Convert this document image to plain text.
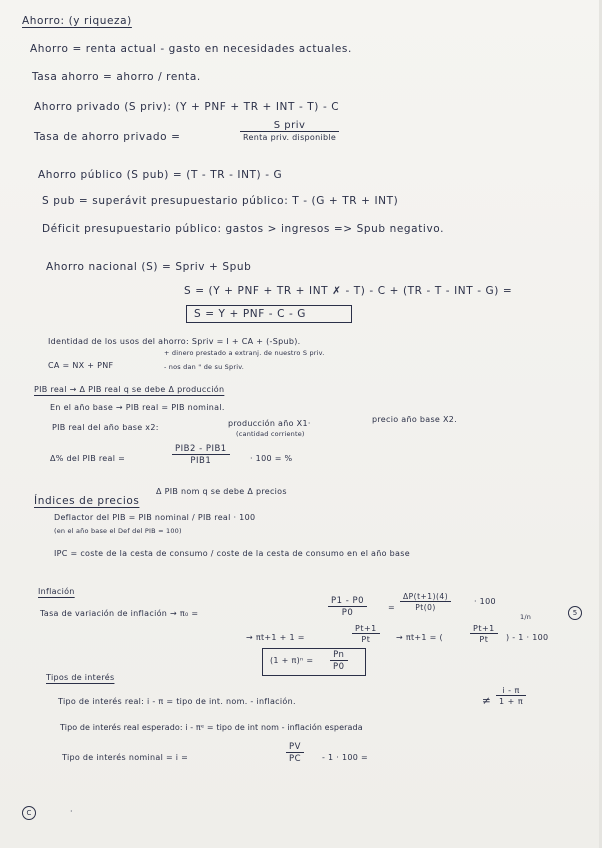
Ahorro: (y riqueza)
Ahorro = renta actual - gasto en necesidades actuales.
Tasa ahorro = ahorro / renta.
Ahorro privado (S priv): (Y + PNF + TR + INT - T) - C
Tasa de ahorro privado =
S priv
Renta priv. disponible
Ahorro público (S pub) = (T - TR - INT) - G
S pub = superávit presupuestario público: T - (G + TR + INT)
Déficit presupuestario público: gastos > ingresos => Spub negativo.
Ahorro nacional (S) = Spriv + Spub
S = (Y + PNF + TR + INT ✗ - T) - C + (TR - T - INT - G) =
S = Y + PNF - C - G
Identidad de los usos del ahorro: Spriv = I + CA + (-Spub).
CA = NX + PNF
+ dinero prestado a extranj. de nuestro S priv.
- nos dan " de su Spriv.
PIB real → Δ PIB real q se debe Δ producción
En el año base → PIB real = PIB nominal.
PIB real del año base x2:	producción año X1·
(cantidad corriente)
precio año base X2.
Δ% del PIB real =
PIB2 - PIB1
PIB1	· 100 = %
Índices de precios
Δ PIB nom q se debe Δ precios
Deflactor del PIB = PIB nominal / PIB real · 100
(en el año base el Def del PIB = 100)
IPC = coste de la cesta de consumo / coste de la cesta de consumo en el año base
Inflación
Tasa de variación de inflación → π₀ =	$\frac{P1 - P0}{P0}$	= $\frac{\Delta P(t+1)(4)}{Pt(0)}$	· 100
1/n	5
→ πt+1 + 1 =	$\frac{Pt+1}{Pt} \to \pi t+1$ = (	$\frac{Pt+1}{Pt}$ ) - 1 · 100
$(1 + \pi)^n = \frac{Pn}{P0}$
Tipos de interés
Tipo de interés real: i - π = tipo de int. nom. - inflación.	≠ $\frac{i - \pi}{1 + \pi}$
Tipo de interés real esperado: i - πᵉ = tipo de int nom - inflación esperada
Tipo de interés nominal = i =	$\frac{PV}{PC} - 1 \cdot 100$ =
C	·
